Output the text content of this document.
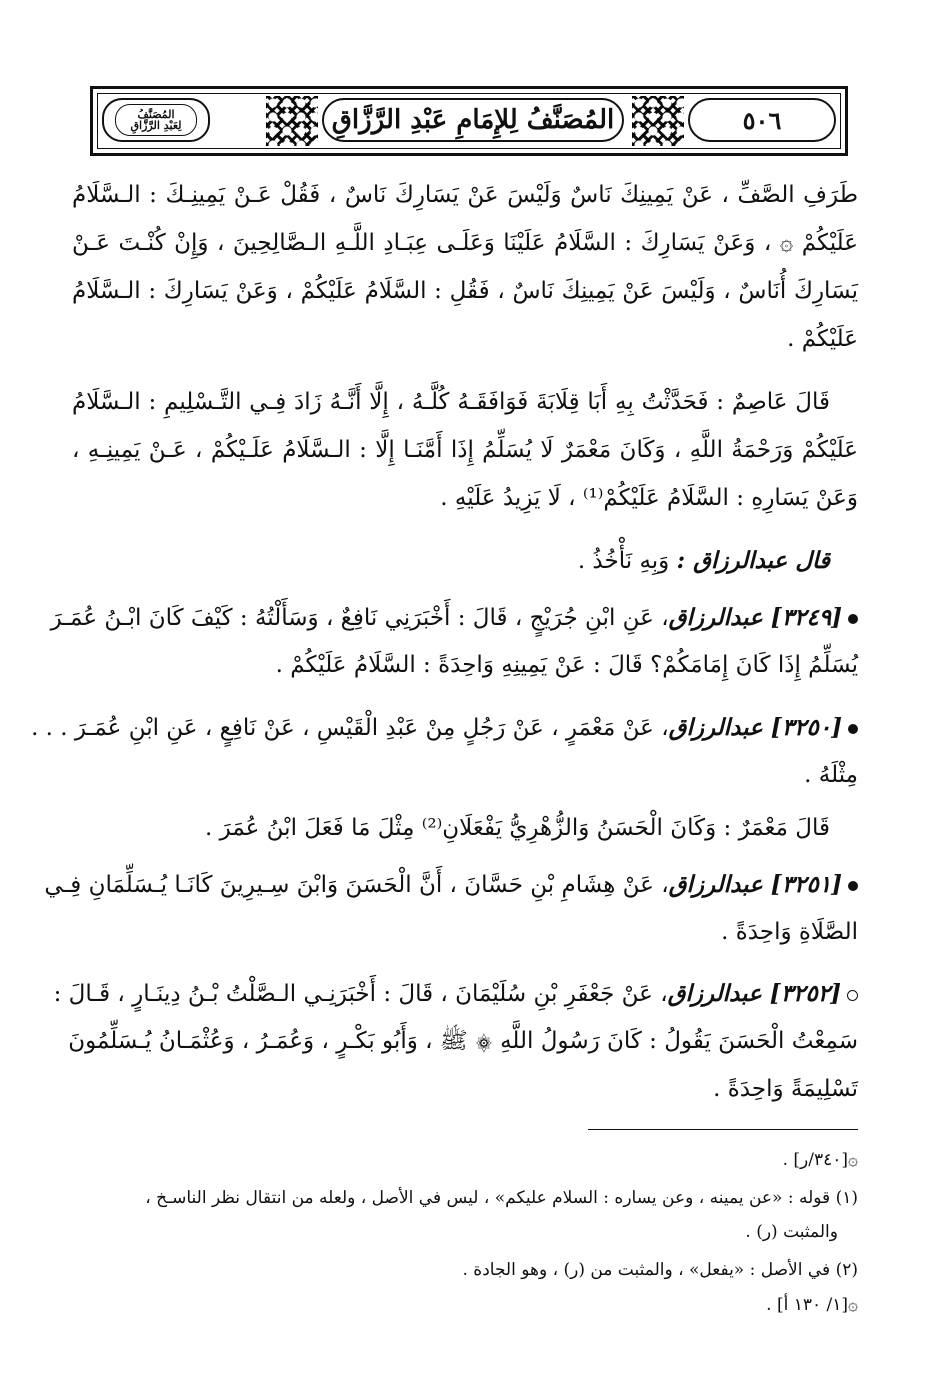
المُصَنَّفُ
لِعَبْدِ الرَّزَّاقِ	المُصَنَّفُ لِلإِمَامِ عَبْدِ الرَّزَّاقِ	٥٠٦
طَرَفِ الصَّفِّ ، عَنْ يَمِينِكَ نَاسٌ وَلَيْسَ عَنْ يَسَارِكَ نَاسٌ ، فَقُلْ عَـنْ يَمِينِـكَ : الـسَّلَامُ
عَلَيْكُمْ ۞ ، وَعَنْ يَسَارِكَ : السَّلَامُ عَلَيْنَا وَعَلَـى عِبَـادِ اللَّـهِ الـصَّالِحِينَ ، وَإِنْ كُنْـتَ عَـنْ
يَسَارِكَ أُنَاسٌ ، وَلَيْسَ عَنْ يَمِينِكَ نَاسٌ ، فَقُلِ : السَّلَامُ عَلَيْكُمْ ، وَعَنْ يَسَارِكَ : الـسَّلَامُ
عَلَيْكُمْ .
قَالَ عَاصِمٌ : فَحَدَّثْتُ بِهِ أَبَا قِلَابَةَ فَوَافَقَـهُ كُلَّـهُ ، إِلَّا أَنَّـهُ زَادَ فِـي التَّـسْلِيمِ : الـسَّلَامُ
عَلَيْكُمْ وَرَحْمَةُ اللَّهِ ، وَكَانَ مَعْمَرٌ لَا يُسَلِّمُ إِذَا أَمَّنَـا إِلَّا : الـسَّلَامُ عَلَـيْكُمْ ، عَـنْ يَمِينِـهِ ،
وَعَنْ يَسَارِهِ : السَّلَامُ عَلَيْكُمْ⁽¹⁾ ، لَا يَزِيدُ عَلَيْهِ .
قال عبدالرزاق : وَبِهِ نَأْخُذُ .
[٣٢٤٩] عبدالرزاق، عَنِ ابْنِ جُرَيْجٍ ، قَالَ : أَخْبَرَنِي نَافِعٌ ، وَسَأَلْتُهُ : كَيْفَ كَانَ ابْـنُ عُمَـرَ
يُسَلِّمُ إِذَا كَانَ إِمَامَكُمْ؟ قَالَ : عَنْ يَمِينِهِ وَاحِدَةً : السَّلَامُ عَلَيْكُمْ .
[٣٢٥٠] عبدالرزاق، عَنْ مَعْمَرٍ ، عَنْ رَجُلٍ مِنْ عَبْدِ الْقَيْسِ ، عَنْ نَافِعٍ ، عَنِ ابْنِ عُمَـرَ . . .
مِثْلَهُ .
قَالَ مَعْمَرٌ : وَكَانَ الْحَسَنُ وَالزُّهْرِيُّ يَفْعَلَانِ⁽²⁾ مِثْلَ مَا فَعَلَ ابْنُ عُمَرَ .
[٣٢٥١] عبدالرزاق، عَنْ هِشَامِ بْنِ حَسَّانَ ، أَنَّ الْحَسَنَ وَابْنَ سِـيرِينَ كَانَـا يُـسَلِّمَانِ فِـي
الصَّلَاةِ وَاحِدَةً .
[٣٢٥٢] عبدالرزاق، عَنْ جَعْفَرِ بْنِ سُلَيْمَانَ ، قَالَ : أَخْبَرَنِـي الـصَّلْتُ بْـنُ دِينَـارٍ ، قَـالَ :
سَمِعْتُ الْحَسَنَ يَقُولُ : كَانَ رَسُولُ اللَّهِ ۞ ﷺ ، وَأَبُو بَكْـرٍ ، وَعُمَـرُ ، وَعُثْمَـانُ يُـسَلِّمُونَ
تَسْلِيمَةً وَاحِدَةً .
۞[٣٤٠/ر] .
(١) قوله : «عن يمينه ، وعن يساره : السلام عليكم» ، ليس في الأصل ، ولعله من انتقال نظر الناسـخ ،
والمثبت (ر) .
(٢) في الأصل : «يفعل» ، والمثبت من (ر) ، وهو الجادة .
۞[١/ ١٣٠ أ] .
